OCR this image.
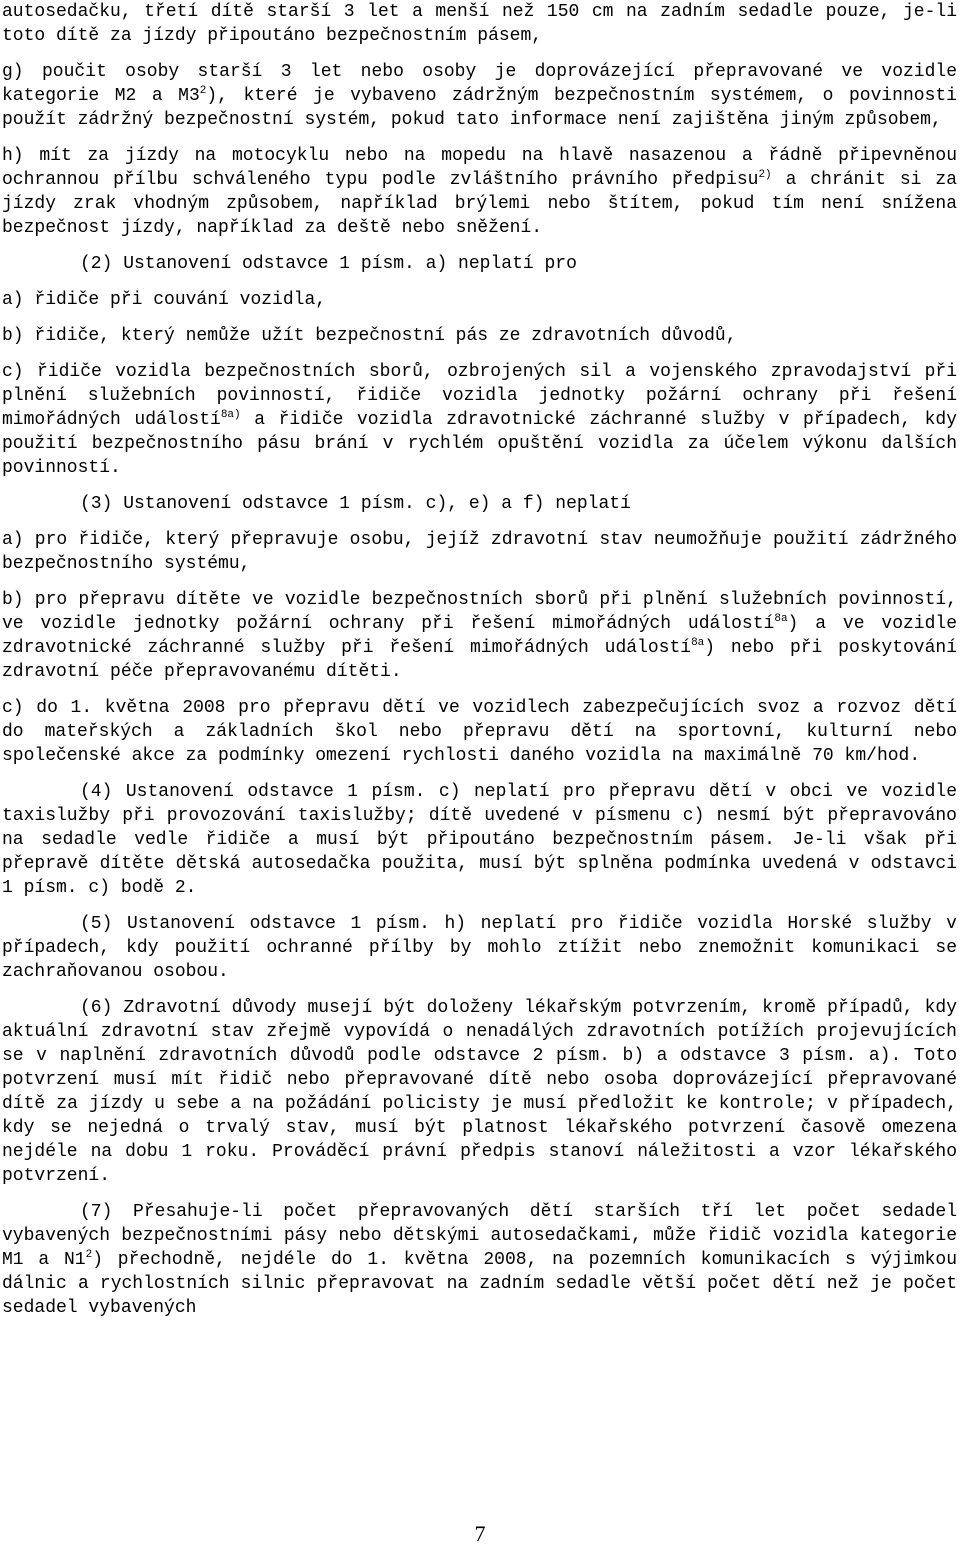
autosedačku, třetí dítě starší 3 let a menší než 150 cm na zadním sedadle pouze, je-li toto dítě za jízdy připoutáno bezpečnostním pásem,

g) poučit osoby starší 3 let nebo osoby je doprovázející přepravované ve vozidle kategorie M2 a $M3^2$), které je vybaveno zádržným bezpečnostním systémem, o povinnosti použít zádržný bezpečnostní systém, pokud tato informace není zajištěna jiným způsobem,

h) mít za jízdy na motocyklu nebo na mopedu na hlavě nasazenou a řádně připevněnou ochrannou přílbu schváleného typu podle zvláštního právního předpisu$^{2)}$ a chránit si za jízdy zrak vhodným způsobem, například brýlemi nebo štítem, pokud tím není snížena bezpečnost jízdy, například za deště nebo sněžení.

(2) Ustanovení odstavce 1 písm. a) neplatí pro

a) řidiče při couvání vozidla,

b) řidiče, který nemůže užít bezpečnostní pás ze zdravotních důvodů,

c) řidiče vozidla bezpečnostních sborů, ozbrojených sil a vojenského zpravodajství při plnění služebních povinností, řidiče vozidla jednotky požární ochrany při řešení mimořádných událostí$^{8a)}$ a řidiče vozidla zdravotnické záchranné služby v případech, kdy použití bezpečnostního pásu brání v rychlém opuštění vozidla za účelem výkonu dalších povinností.

(3) Ustanovení odstavce 1 písm. c), e) a f) neplatí

a) pro řidiče, který přepravuje osobu, jejíž zdravotní stav neumožňuje použití zádržného bezpečnostního systému,

b) pro přepravu dítěte ve vozidle bezpečnostních sborů při plnění služebních povinností, ve vozidle jednotky požární ochrany při řešení mimořádných událostí$^{8a}$) a ve vozidle zdravotnické záchranné služby při řešení mimořádných událostí$^{8a}$) nebo při poskytování zdravotní péče přepravovanému dítěti.

c) do 1. května 2008 pro přepravu dětí ve vozidlech zabezpečujících svoz a rozvoz dětí do mateřských a základních škol nebo přepravu dětí na sportovní, kulturní nebo společenské akce za podmínky omezení rychlosti daného vozidla na maximálně 70 km/hod.

(4) Ustanovení odstavce 1 písm. c) neplatí pro přepravu dětí v obci ve vozidle taxislužby při provozování taxislužby; dítě uvedené v písmenu c) nesmí být přepravováno na sedadle vedle řidiče a musí být připoutáno bezpečnostním pásem. Je-li však při přepravě dítěte dětská autosedačka použita, musí být splněna podmínka uvedená v odstavci 1 písm. c) bodě 2.

(5) Ustanovení odstavce 1 písm. h) neplatí pro řidiče vozidla Horské služby v případech, kdy použití ochranné přílby by mohlo ztížit nebo znemožnit komunikaci se zachraňovanou osobou.

(6) Zdravotní důvody musejí být doloženy lékařským potvrzením, kromě případů, kdy aktuální zdravotní stav zřejmě vypovídá o nenadálých zdravotních potížích projevujících se v naplnění zdravotních důvodů podle odstavce 2 písm. b) a odstavce 3 písm. a). Toto potvrzení musí mít řidič nebo přepravované dítě nebo osoba doprovázející přepravované dítě za jízdy u sebe a na požádání policisty je musí předložit ke kontrole; v případech, kdy se nejedná o trvalý stav, musí být platnost lékařského potvrzení časově omezena nejdéle na dobu 1 roku. Prováděcí právní předpis stanoví náležitosti a vzor lékařského potvrzení.

(7) Přesahuje-li počet přepravovaných dětí starších tří let počet sedadel vybavených bezpečnostními pásy nebo dětskými autosedačkami, může řidič vozidla kategorie M1 a $N1^2$) přechodně, nejdéle do 1. května 2008, na pozemních komunikacích s výjimkou dálnic a rychlostních silnic přepravovat na zadním sedadle větší počet dětí než je počet sedadel vybavených

7
